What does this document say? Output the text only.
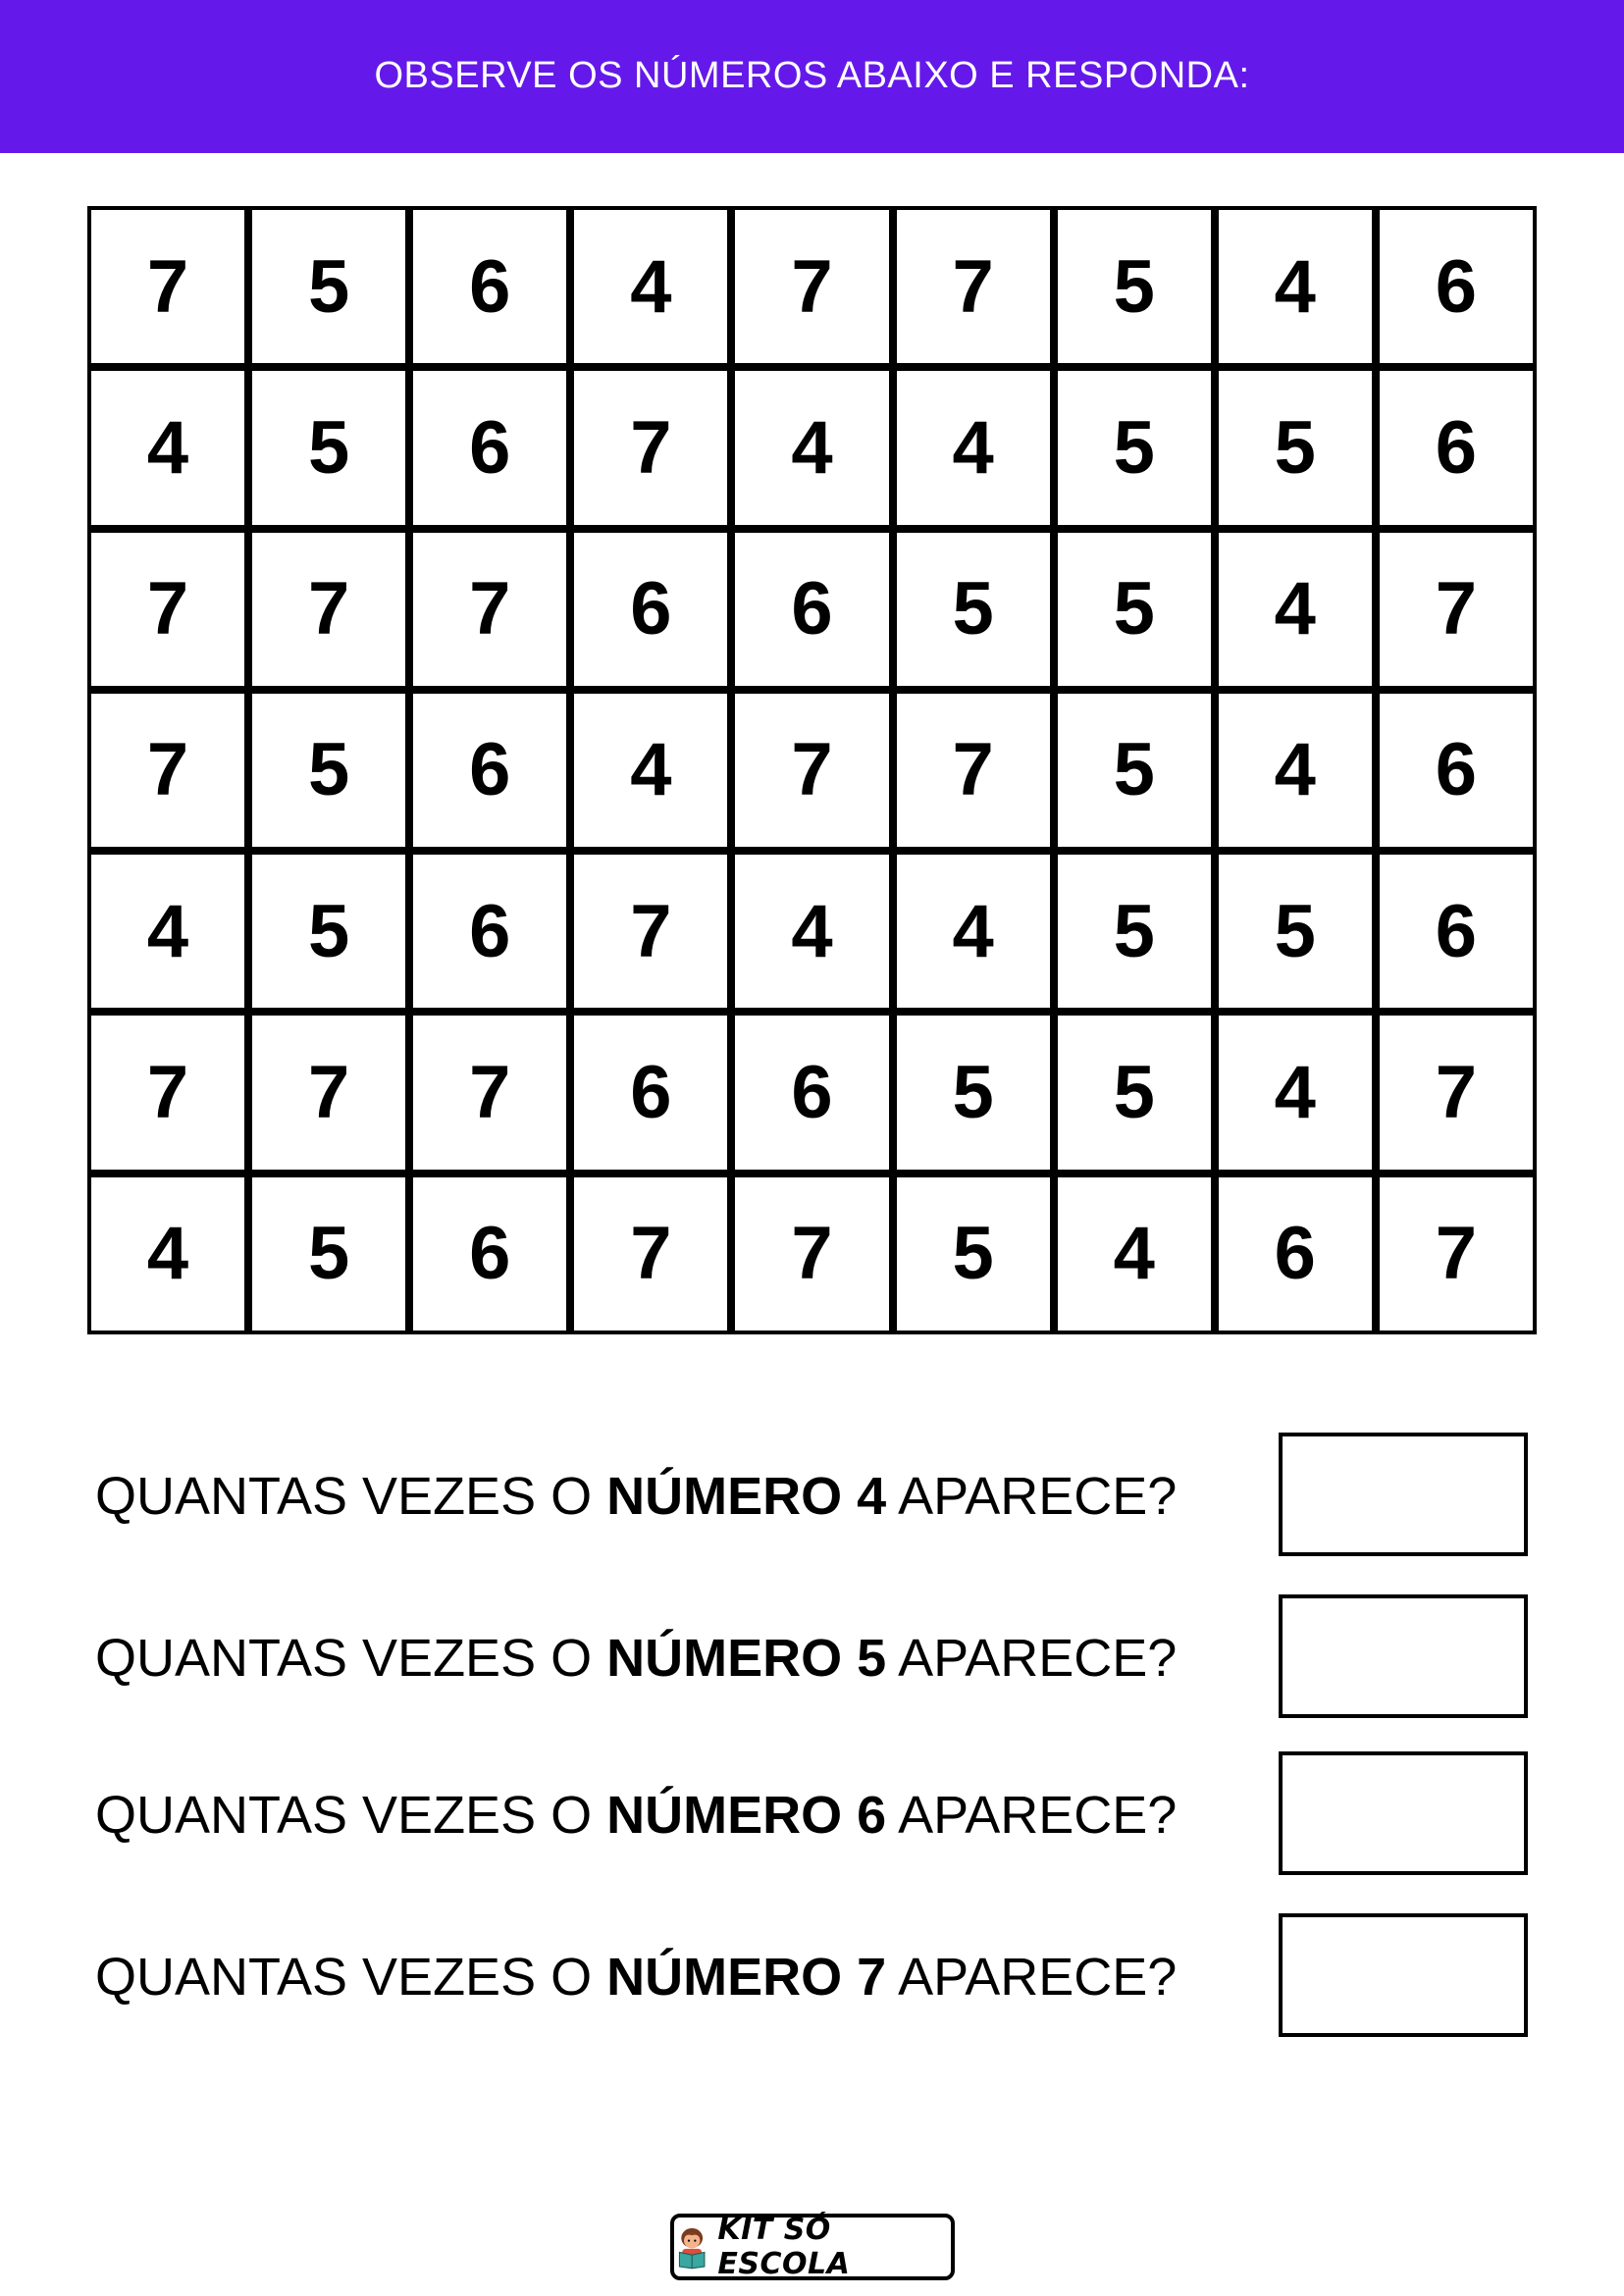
OBSERVE OS NÚMEROS ABAIXO E RESPONDA:
7	5	6	4	7	7	5	4	6
4	5	6	7	4	4	5	5	6
7	7	7	6	6	5	5	4	7
7	5	6	4	7	7	5	4	6
4	5	6	7	4	4	5	5	6
7	7	7	6	6	5	5	4	7
4	5	6	7	7	5	4	6	7
QUANTAS VEZES O NÚMERO 4 APARECE?
QUANTAS VEZES O NÚMERO 5 APARECE?
QUANTAS VEZES O NÚMERO 6 APARECE?
QUANTAS VEZES O NÚMERO 7 APARECE?
KIT SÓ ESCOLA
